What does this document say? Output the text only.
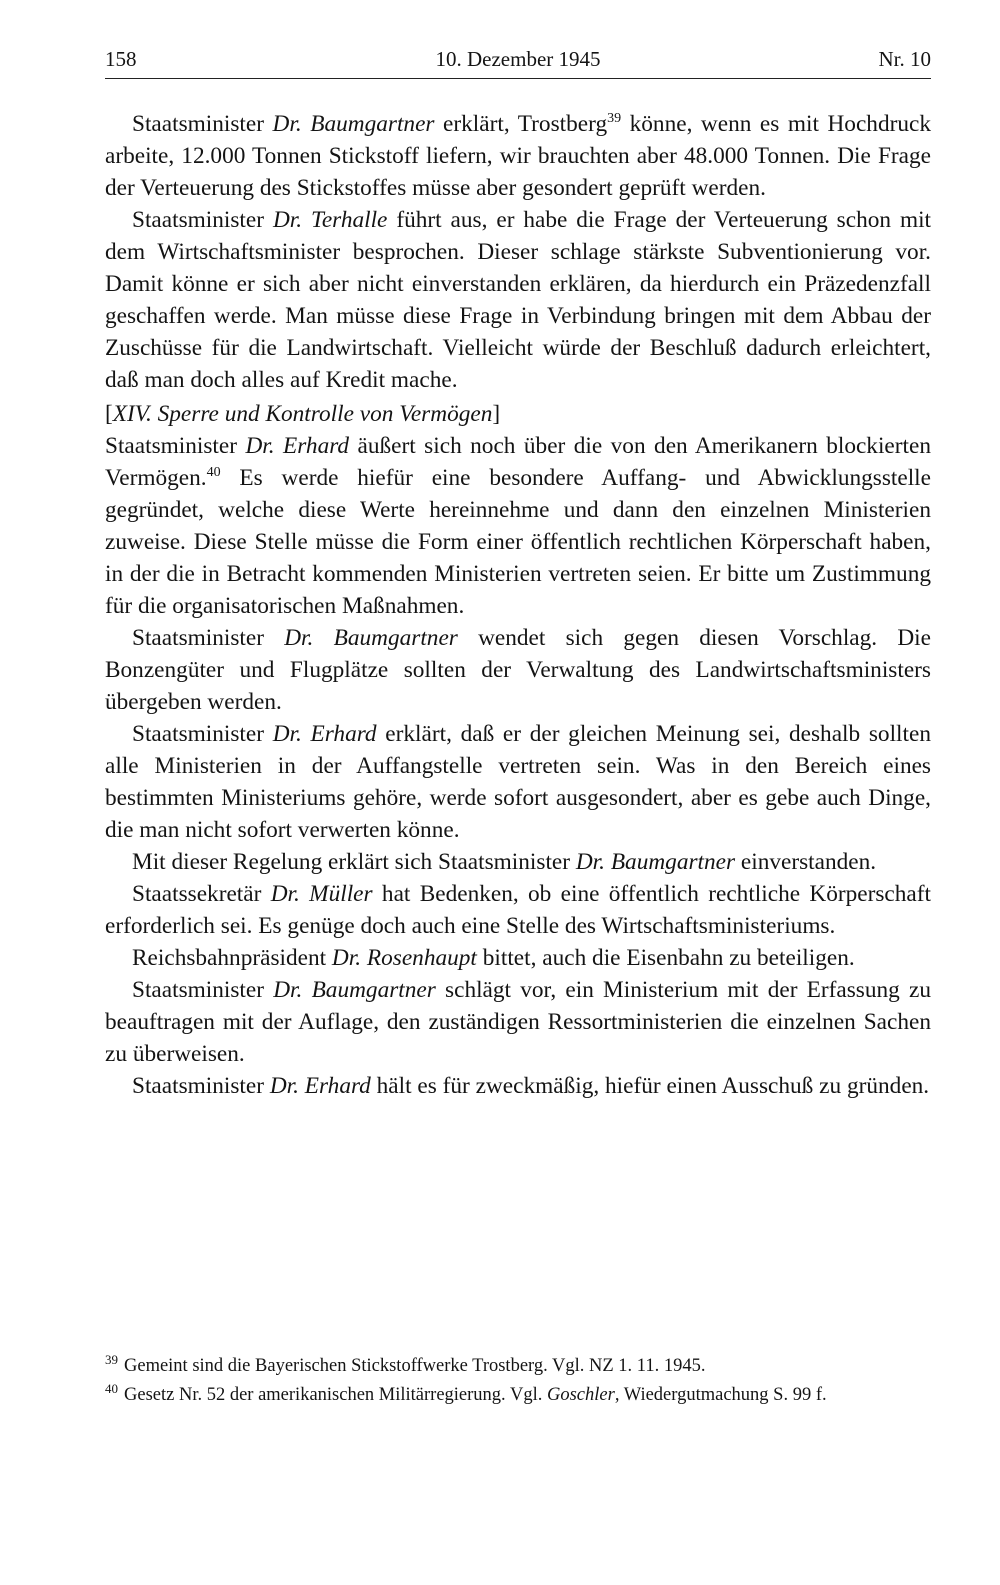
158	10. Dezember 1945	Nr. 10

Staatsminister Dr. Baumgartner erklärt, Trostberg$^{39}$ könne, wenn es mit Hochdruck arbeite, 12.000 Tonnen Stickstoff liefern, wir brauchten aber 48.000 Tonnen. Die Frage der Verteuerung des Stickstoffes müsse aber gesondert geprüft werden.

Staatsminister Dr. Terhalle führt aus, er habe die Frage der Verteuerung schon mit dem Wirtschaftsminister besprochen. Dieser schlage stärkste Subventionierung vor. Damit könne er sich aber nicht einverstanden erklären, da hierdurch ein Präzedenzfall geschaffen werde. Man müsse diese Frage in Verbindung bringen mit dem Abbau der Zuschüsse für die Landwirtschaft. Vielleicht würde der Beschluß dadurch erleichtert, daß man doch alles auf Kredit mache.

[XIV. Sperre und Kontrolle von Vermögen]

Staatsminister Dr. Erhard äußert sich noch über die von den Amerikanern blockierten Vermögen.$^{40}$ Es werde hiefür eine besondere Auffang- und Abwicklungsstelle gegründet, welche diese Werte hereinnehme und dann den einzelnen Ministerien zuweise. Diese Stelle müsse die Form einer öffentlich rechtlichen Körperschaft haben, in der die in Betracht kommenden Ministerien vertreten seien. Er bitte um Zustimmung für die organisatorischen Maßnahmen.

Staatsminister Dr. Baumgartner wendet sich gegen diesen Vorschlag. Die Bonzengüter und Flugplätze sollten der Verwaltung des Landwirtschaftsministers übergeben werden.

Staatsminister Dr. Erhard erklärt, daß er der gleichen Meinung sei, deshalb sollten alle Ministerien in der Auffangstelle vertreten sein. Was in den Bereich eines bestimmten Ministeriums gehöre, werde sofort ausgesondert, aber es gebe auch Dinge, die man nicht sofort verwerten könne.

Mit dieser Regelung erklärt sich Staatsminister Dr. Baumgartner einverstanden.

Staatssekretär Dr. Müller hat Bedenken, ob eine öffentlich rechtliche Körperschaft erforderlich sei. Es genüge doch auch eine Stelle des Wirtschaftsministeriums.

Reichsbahnpräsident Dr. Rosenhaupt bittet, auch die Eisenbahn zu beteiligen.

Staatsminister Dr. Baumgartner schlägt vor, ein Ministerium mit der Erfassung zu beauftragen mit der Auflage, den zuständigen Ressortministerien die einzelnen Sachen zu überweisen.

Staatsminister Dr. Erhard hält es für zweckmäßig, hiefür einen Ausschuß zu gründen.

$^{39}$ Gemeint sind die Bayerischen Stickstoffwerke Trostberg. Vgl. NZ 1. 11. 1945.

$^{40}$ Gesetz Nr. 52 der amerikanischen Militärregierung. Vgl. Goschler, Wiedergutmachung S. 99 f.
